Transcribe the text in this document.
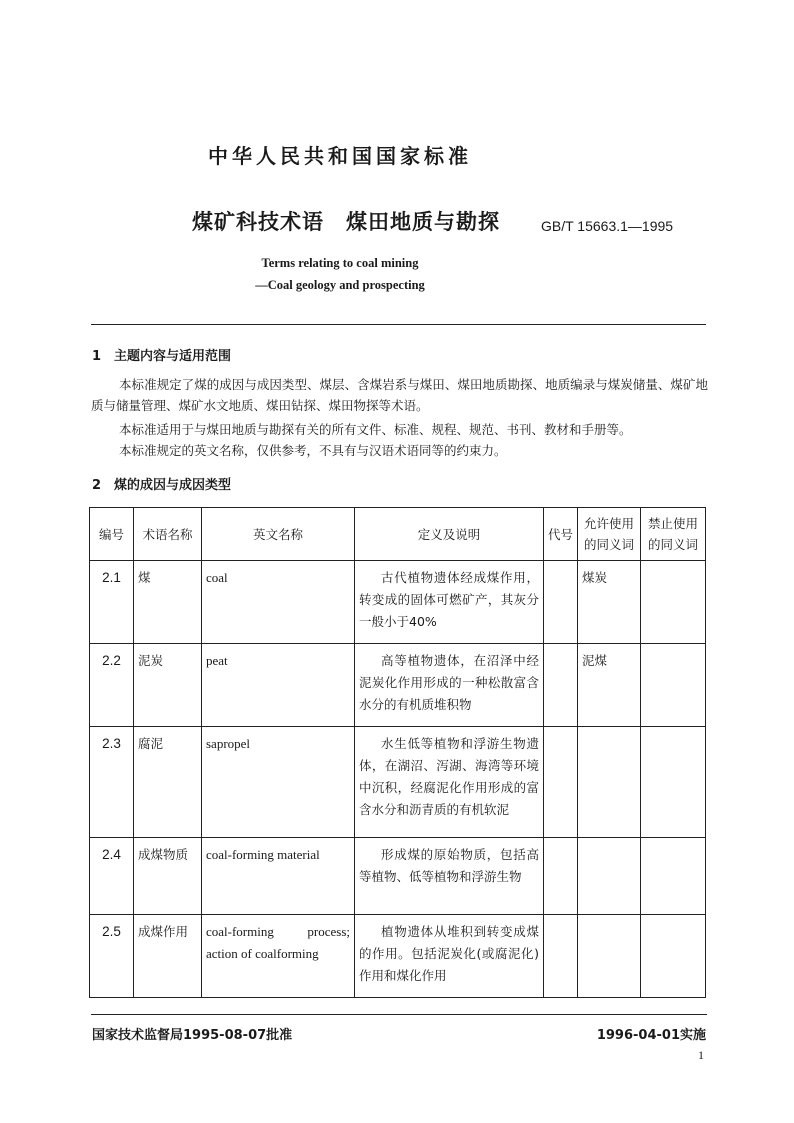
中华人民共和国国家标准
煤矿科技术语　煤田地质与勘探	GB/T 15663.1—1995
Terms relating to coal mining
—Coal geology and prospecting
1 主题内容与适用范围
本标准规定了煤的成因与成因类型、煤层、含煤岩系与煤田、煤田地质勘探、地质编录与煤炭储量、煤矿地质与储量管理、煤矿水文地质、煤田钻探、煤田物探等术语。
本标准适用于与煤田地质与勘探有关的所有文件、标准、规程、规范、书刊、教材和手册等。
本标准规定的英文名称，仅供参考，不具有与汉语术语同等的约束力。
2 煤的成因与成因类型
编号	术语名称	英文名称	定义及说明	代号	允许使用的同义词	禁止使用的同义词
2.1	煤	coal	古代植物遗体经成煤作用，转变成的固体可燃矿产，其灰分一般小于40%		煤炭	
2.2	泥炭	peat	高等植物遗体，在沼泽中经泥炭化作用形成的一种松散富含水分的有机质堆积物		泥煤	
2.3	腐泥	sapropel	水生低等植物和浮游生物遗体，在湖沼、泻湖、海湾等环境中沉积，经腐泥化作用形成的富含水分和沥青质的有机软泥			
2.4	成煤物质	coal-forming material	形成煤的原始物质，包括高等植物、低等植物和浮游生物			
2.5	成煤作用	coal-forming process; action of coalforming	植物遗体从堆积到转变成煤的作用。包括泥炭化(或腐泥化)作用和煤化作用			
国家技术监督局1995-08-07批准	1996-04-01实施
1
